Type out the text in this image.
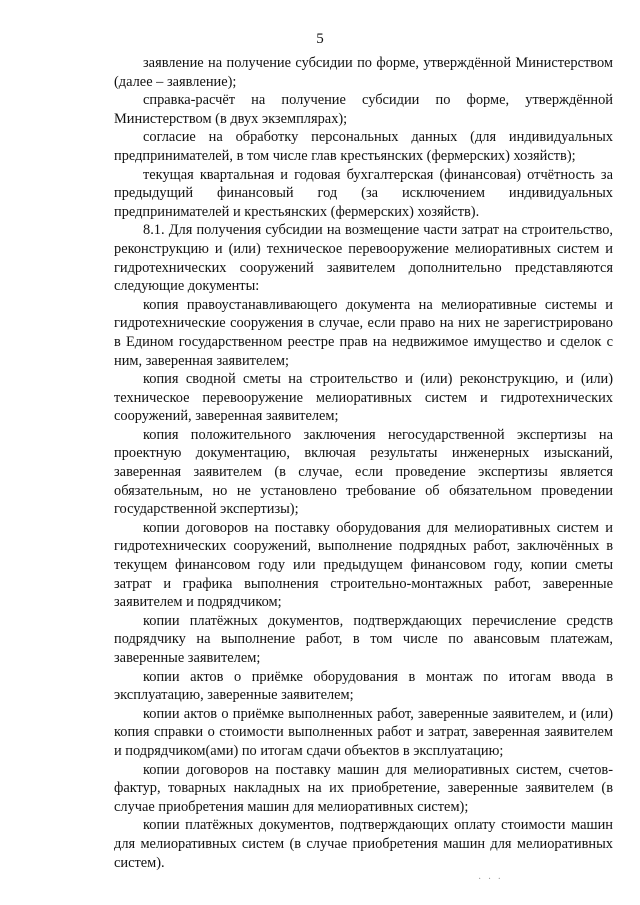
5

заявление на получение субсидии по форме, утверждённой Министерством (далее – заявление);

справка-расчёт на получение субсидии по форме, утверждённой Министерством (в двух экземплярах);

согласие на обработку персональных данных (для индивидуальных предпринимателей, в том числе глав крестьянских (фермерских) хозяйств);

текущая квартальная и годовая бухгалтерская (финансовая) отчётность за предыдущий финансовый год (за исключением индивидуальных предпринимателей и крестьянских (фермерских) хозяйств).

8.1. Для получения субсидии на возмещение части затрат на строительство, реконструкцию и (или) техническое перевооружение мелиоративных систем и гидротехнических сооружений заявителем дополнительно представляются следующие документы:

копия правоустанавливающего документа на мелиоративные системы и гидротехнические сооружения в случае, если право на них не зарегистрировано в Едином государственном реестре прав на недвижимое имущество и сделок с ним, заверенная заявителем;

копия сводной сметы на строительство и (или) реконструкцию, и (или) техническое перевооружение мелиоративных систем и гидротехнических сооружений, заверенная заявителем;

копия положительного заключения негосударственной экспертизы на проектную документацию, включая результаты инженерных изысканий, заверенная заявителем (в случае, если проведение экспертизы является обязательным, но не установлено требование об обязательном проведении государственной экспертизы);

копии договоров на поставку оборудования для мелиоративных систем и гидротехнических сооружений, выполнение подрядных работ, заключённых в текущем финансовом году или предыдущем финансовом году, копии сметы затрат и графика выполнения строительно-монтажных работ, заверенные заявителем и подрядчиком;

копии платёжных документов, подтверждающих перечисление средств подрядчику на выполнение работ, в том числе по авансовым платежам, заверенные заявителем;

копии актов о приёмке оборудования в монтаж по итогам ввода в эксплуатацию, заверенные заявителем;

копии актов о приёмке выполненных работ, заверенные заявителем, и (или) копия справки о стоимости выполненных работ и затрат, заверенная заявителем и подрядчиком(ами) по итогам сдачи объектов в эксплуатацию;

копии договоров на поставку машин для мелиоративных систем, счетов-фактур, товарных накладных на их приобретение, заверенные заявителем (в случае приобретения машин для мелиоративных систем);

копии платёжных документов, подтверждающих оплату стоимости машин для мелиоративных систем (в случае приобретения машин для мелиоративных систем).

· · ·
